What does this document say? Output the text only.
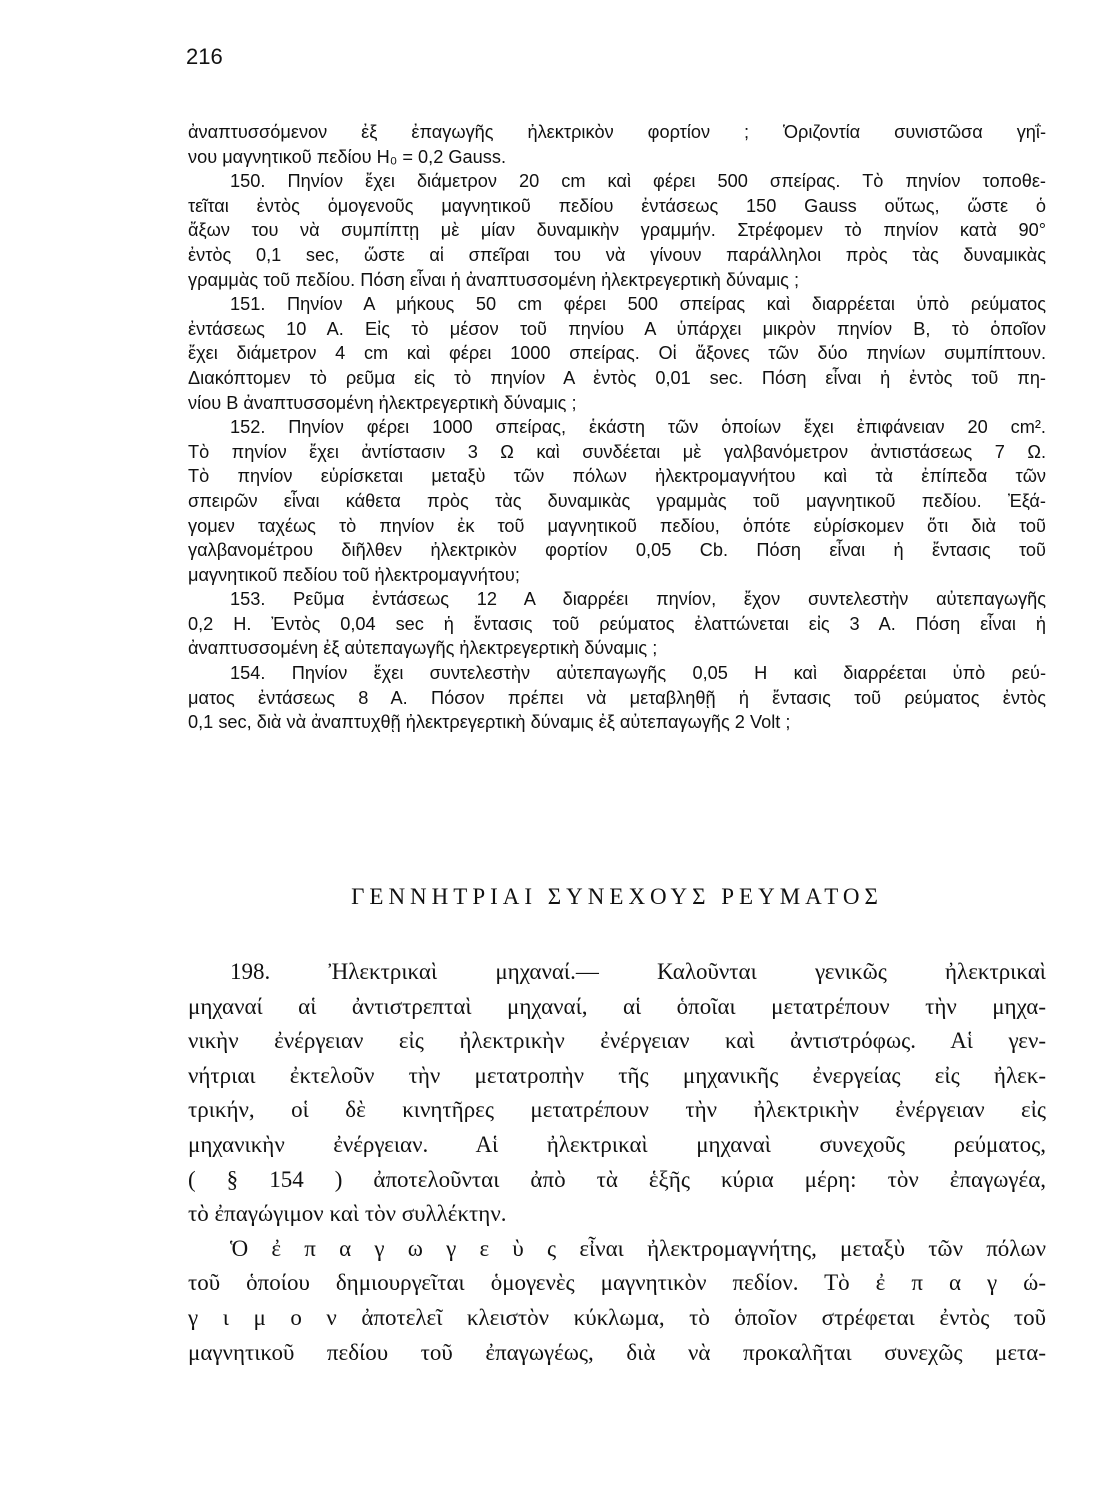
216
ἀναπτυσσόμενον ἐξ ἐπαγωγῆς ἠλεκτρικὸν φορτίον ; Ὁριζοντία συνιστῶσα γηΐ-
νου μαγνητικοῦ πεδίου H₀ = 0,2 Gauss.
150. Πηνίον ἔχει διάμετρον 20 cm καὶ φέρει 500 σπείρας. Τὸ πηνίον τοποθε-
τεῖται ἐντὸς ὁμογενοῦς μαγνητικοῦ πεδίου ἐντάσεως 150 Gauss οὕτως, ὥστε ὁ
ἄξων του νὰ συμπίπτῃ μὲ μίαν δυναμικὴν γραμμήν. Στρέφομεν τὸ πηνίον κατὰ 90°
ἐντὸς 0,1 sec, ὥστε αἱ σπεῖραι του νὰ γίνουν παράλληλοι πρὸς τὰς δυναμικὰς
γραμμὰς τοῦ πεδίου. Πόση εἶναι ἡ ἀναπτυσσομένη ἠλεκτρεγερτικὴ δύναμις ;
151. Πηνίον Α μήκους 50 cm φέρει 500 σπείρας καὶ διαρρέεται ὑπὸ ρεύματος
ἐντάσεως 10 Α. Εἰς τὸ μέσον τοῦ πηνίου Α ὑπάρχει μικρὸν πηνίον Β, τὸ ὁποῖον
ἔχει διάμετρον 4 cm καὶ φέρει 1000 σπείρας. Οἱ ἄξονες τῶν δύο πηνίων συμπίπτουν.
Διακόπτομεν τὸ ρεῦμα εἰς τὸ πηνίον Α ἐντὸς 0,01 sec. Πόση εἶναι ἡ ἐντὸς τοῦ πη-
νίου Β ἀναπτυσσομένη ἠλεκτρεγερτικὴ δύναμις ;
152. Πηνίον φέρει 1000 σπείρας, ἑκάστη τῶν ὁποίων ἔχει ἐπιφάνειαν 20 cm².
Τὸ πηνίον ἔχει ἀντίστασιν 3 Ω καὶ συνδέεται μὲ γαλβανόμετρον ἀντιστάσεως 7 Ω.
Τὸ πηνίον εὑρίσκεται μεταξὺ τῶν πόλων ἠλεκτρομαγνήτου καὶ τὰ ἐπίπεδα τῶν
σπειρῶν εἶναι κάθετα πρὸς τὰς δυναμικὰς γραμμὰς τοῦ μαγνητικοῦ πεδίου. Ἐξά-
γομεν ταχέως τὸ πηνίον ἐκ τοῦ μαγνητικοῦ πεδίου, ὁπότε εὑρίσκομεν ὅτι διὰ τοῦ
γαλβανομέτρου διῆλθεν ἠλεκτρικὸν φορτίον 0,05 Cb. Πόση εἶναι ἡ ἔντασις τοῦ
μαγνητικοῦ πεδίου τοῦ ἠλεκτρομαγνήτου;
153. Ρεῦμα ἐντάσεως 12 Α διαρρέει πηνίον, ἔχον συντελεστὴν αὐτεπαγωγῆς
0,2 H. Ἐντὸς 0,04 sec ἡ ἔντασις τοῦ ρεύματος ἐλαττώνεται εἰς 3 Α. Πόση εἶναι ἡ
ἀναπτυσσομένη ἐξ αὐτεπαγωγῆς ἠλεκτρεγερτικὴ δύναμις ;
154. Πηνίον ἔχει συντελεστὴν αὐτεπαγωγῆς 0,05 H καὶ διαρρέεται ὑπὸ ρεύ-
ματος ἐντάσεως 8 Α. Πόσον πρέπει νὰ μεταβληθῇ ἡ ἔντασις τοῦ ρεύματος ἐντὸς
0,1 sec, διὰ νὰ ἀναπτυχθῇ ἠλεκτρεγερτικὴ δύναμις ἐξ αὐτεπαγωγῆς 2 Volt ;
ΓΕΝΝΗΤΡΙΑΙ ΣΥΝΕΧΟΥΣ ΡΕΥΜΑΤΟΣ
198. Ἠλεκτρικαὶ μηχαναί.— Καλοῦνται γενικῶς ἠλεκτρικαὶ
μηχαναί αἱ ἀντιστρεπταὶ μηχαναί, αἱ ὁποῖαι μετατρέπουν τὴν μηχα-
νικὴν ἐνέργειαν εἰς ἠλεκτρικὴν ἐνέργειαν καὶ ἀντιστρόφως. Αἱ γεν-
νήτριαι ἐκτελοῦν τὴν μετατροπὴν τῆς μηχανικῆς ἐνεργείας εἰς ἠλεκ-
τρικήν, οἱ δὲ κινητῆρες μετατρέπουν τὴν ἠλεκτρικὴν ἐνέργειαν εἰς
μηχανικὴν ἐνέργειαν. Αἱ ἠλεκτρικαὶ μηχαναὶ συνεχοῦς ρεύματος,
( § 154 ) ἀποτελοῦνται ἀπὸ τὰ ἑξῆς κύρια μέρη: τὸν ἐπαγωγέα,
τὸ ἐπαγώγιμον καὶ τὸν συλλέκτην.
Ὁ ἐ π α γ ω γ ε ὺ ς εἶναι ἠλεκτρομαγνήτης, μεταξὺ τῶν πόλων
τοῦ ὁποίου δημιουργεῖται ὁμογενὲς μαγνητικὸν πεδίον. Τὸ ἐ π α γ ώ-
γ ι μ ο ν ἀποτελεῖ κλειστὸν κύκλωμα, τὸ ὁποῖον στρέφεται ἐντὸς τοῦ
μαγνητικοῦ πεδίου τοῦ ἐπαγωγέως, διὰ νὰ προκαλῆται συνεχῶς μετα-
